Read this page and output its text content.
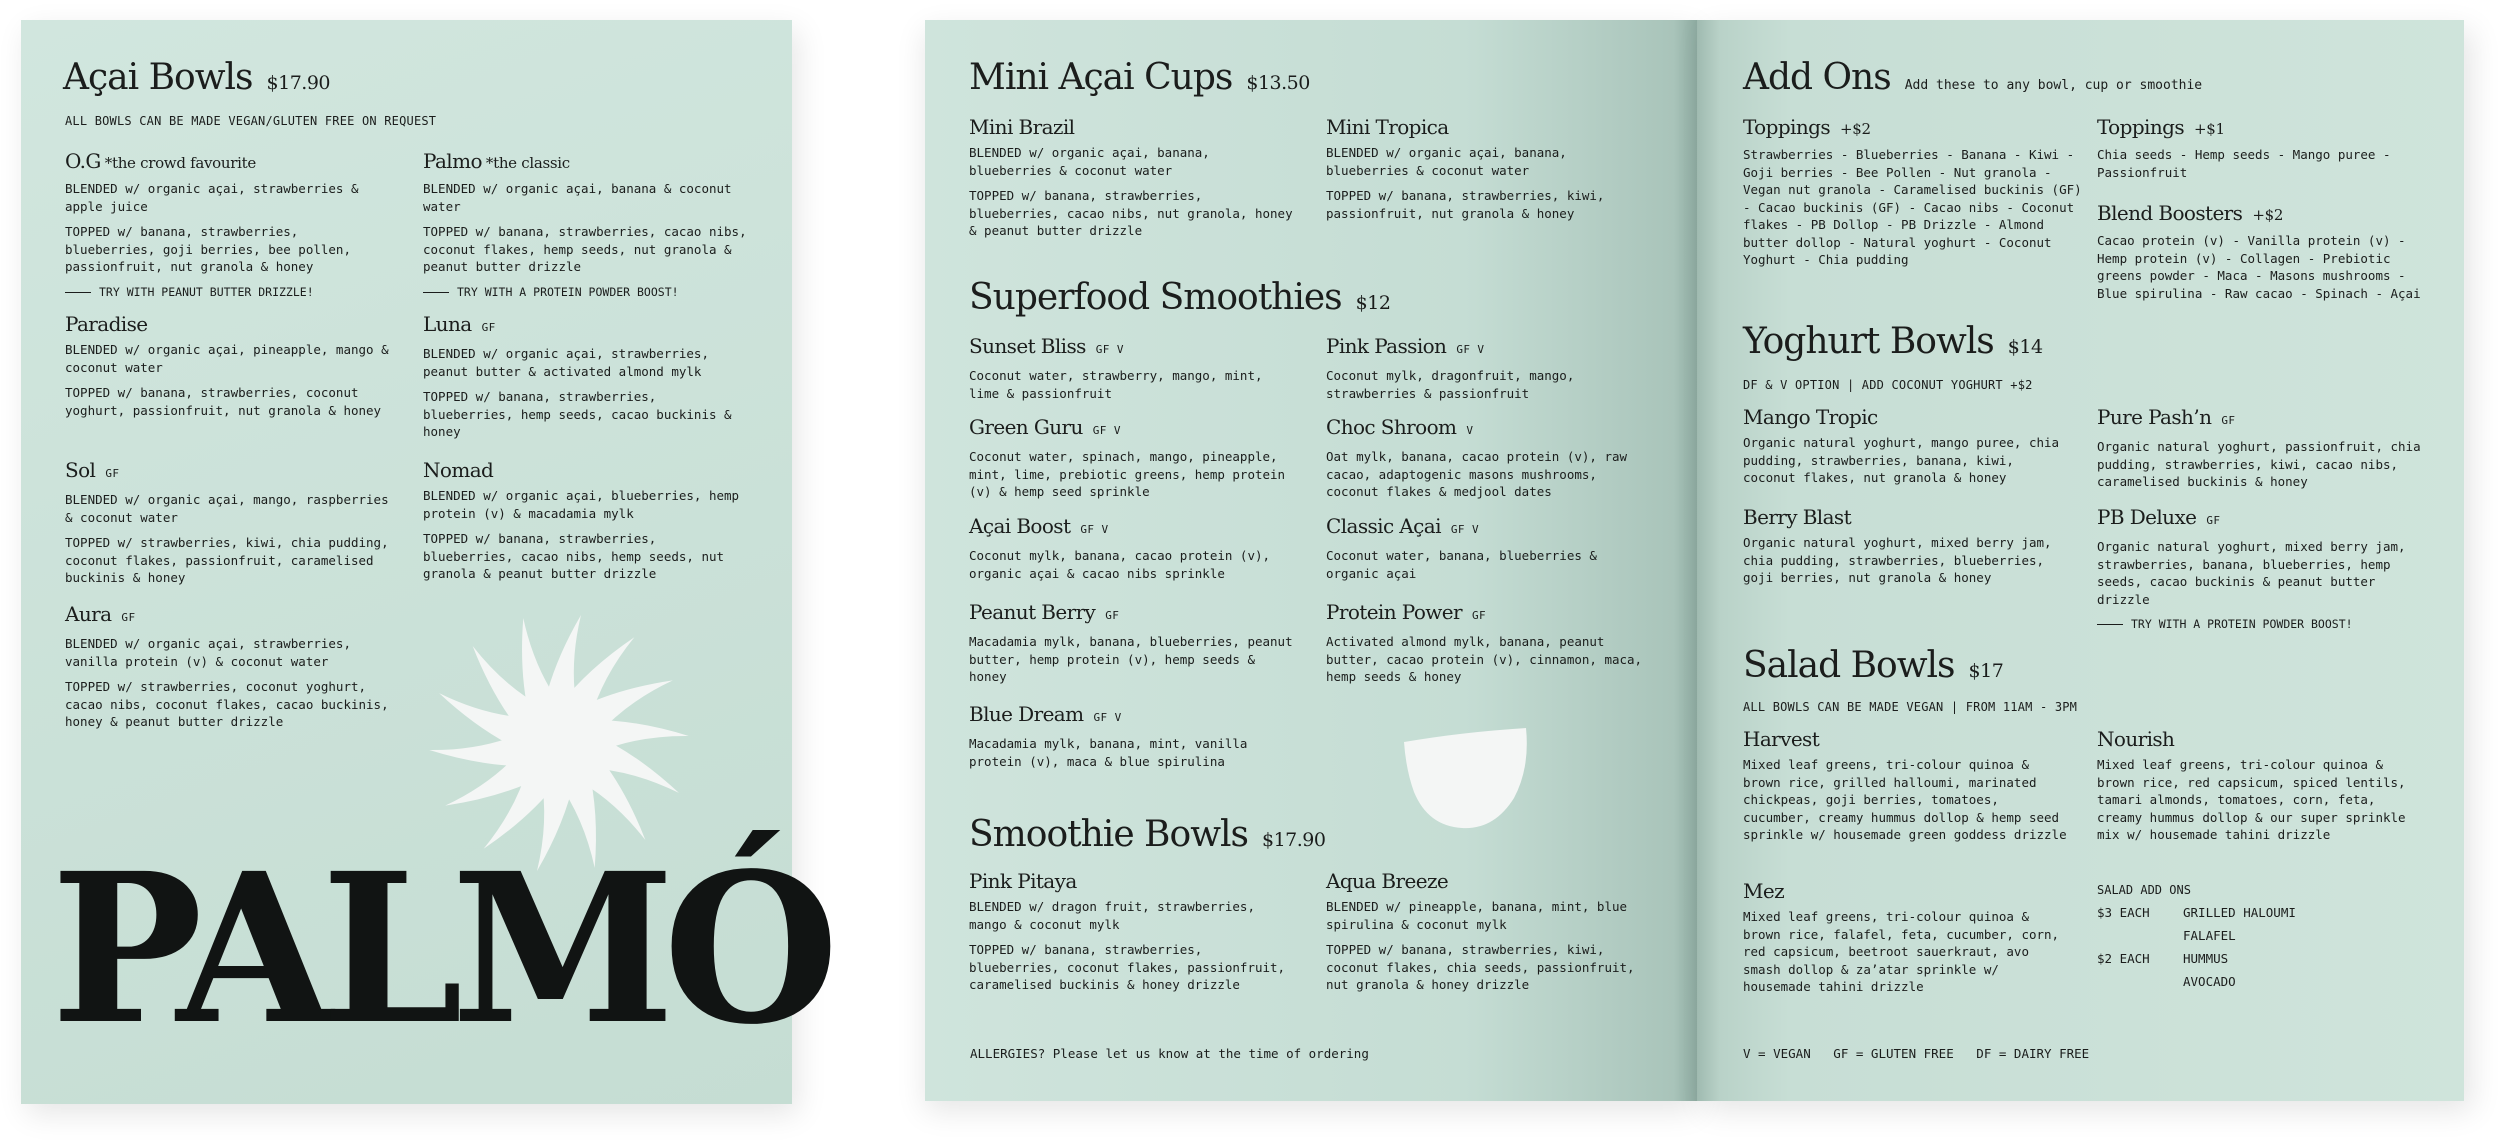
Açai Bowls $17.90
ALL BOWLS CAN BE MADE VEGAN/GLUTEN FREE ON REQUEST
O.G *the crowd favourite
BLENDED w/ organic açai, strawberries & apple juice
TOPPED w/ banana, strawberries, blueberries, goji berries, bee pollen, passionfruit, nut granola & honey
TRY WITH PEANUT BUTTER DRIZZLE!
Palmo *the classic
BLENDED w/ organic açai, banana & coconut water
TOPPED w/ banana, strawberries, cacao nibs, coconut flakes, hemp seeds, nut granola & peanut butter drizzle
TRY WITH A PROTEIN POWDER BOOST!
Paradise
BLENDED w/ organic açai, pineapple, mango & coconut water
TOPPED w/ banana, strawberries, coconut yoghurt, passionfruit, nut granola & honey
Luna GF
BLENDED w/ organic açai, strawberries, peanut butter & activated almond mylk
TOPPED w/ banana, strawberries, blueberries, hemp seeds, cacao buckinis & honey
Sol GF
BLENDED w/ organic açai, mango, raspberries & coconut water
TOPPED w/ strawberries, kiwi, chia pudding, coconut flakes, passionfruit, caramelised buckinis & honey
Nomad
BLENDED w/ organic açai, blueberries, hemp protein (v) & macadamia mylk
TOPPED w/ banana, strawberries, blueberries, cacao nibs, hemp seeds, nut granola & peanut butter drizzle
Aura GF
BLENDED w/ organic açai, strawberries, vanilla protein (v) & coconut water
TOPPED w/ strawberries, coconut yoghurt, cacao nibs, coconut flakes, cacao buckinis, honey & peanut butter drizzle
PALMÓ
Mini Açai Cups $13.50
Mini Brazil
BLENDED w/ organic açai, banana, blueberries & coconut water
TOPPED w/ banana, strawberries, blueberries, cacao nibs, nut granola, honey & peanut butter drizzle
Mini Tropica
BLENDED w/ organic açai, banana, blueberries & coconut water
TOPPED w/ banana, strawberries, kiwi, passionfruit, nut granola & honey
Superfood Smoothies $12
Sunset Bliss GF V
Coconut water, strawberry, mango, mint, lime & passionfruit
Pink Passion GF V
Coconut mylk, dragonfruit, mango, strawberries & passionfruit
Green Guru GF V
Coconut water, spinach, mango, pineapple, mint, lime, prebiotic greens, hemp protein (v) & hemp seed sprinkle
Choc Shroom V
Oat mylk, banana, cacao protein (v), raw cacao, adaptogenic masons mushrooms, coconut flakes & medjool dates
Açai Boost GF V
Coconut mylk, banana, cacao protein (v), organic açai & cacao nibs sprinkle
Classic Açai GF V
Coconut water, banana, blueberries & organic açai
Peanut Berry GF
Macadamia mylk, banana, blueberries, peanut butter, hemp protein (v), hemp seeds & honey
Protein Power GF
Activated almond mylk, banana, peanut butter, cacao protein (v), cinnamon, maca, hemp seeds & honey
Blue Dream GF V
Macadamia mylk, banana, mint, vanilla protein (v), maca & blue spirulina
Smoothie Bowls $17.90
Pink Pitaya
BLENDED w/ dragon fruit, strawberries, mango & coconut mylk
TOPPED w/ banana, strawberries, blueberries, coconut flakes, passionfruit, caramelised buckinis & honey drizzle
Aqua Breeze
BLENDED w/ pineapple, banana, mint, blue spirulina & coconut mylk
TOPPED w/ banana, strawberries, kiwi, coconut flakes, chia seeds, passionfruit, nut granola & honey drizzle
ALLERGIES? Please let us know at the time of ordering
Add Ons Add these to any bowl, cup or smoothie
Toppings +$2
Strawberries - Blueberries - Banana - Kiwi - Goji berries - Bee Pollen - Nut granola - Vegan nut granola - Caramelised buckinis (GF) - Cacao buckinis (GF) - Cacao nibs - Coconut flakes - PB Dollop - PB Drizzle - Almond butter dollop - Natural yoghurt - Coconut Yoghurt - Chia pudding
Toppings +$1
Chia seeds - Hemp seeds - Mango puree - Passionfruit
Blend Boosters +$2
Cacao protein (v) - Vanilla protein (v) - Hemp protein (v) - Collagen - Prebiotic greens powder - Maca - Masons mushrooms - Blue spirulina - Raw cacao - Spinach - Açai
Yoghurt Bowls $14
DF & V OPTION | ADD COCONUT YOGHURT +$2
Mango Tropic
Organic natural yoghurt, mango puree, chia pudding, strawberries, banana, kiwi, coconut flakes, nut granola & honey
Pure Pash’n GF
Organic natural yoghurt, passionfruit, chia pudding, strawberries, kiwi, cacao nibs, caramelised buckinis & honey
Berry Blast
Organic natural yoghurt, mixed berry jam, chia pudding, strawberries, blueberries, goji berries, nut granola & honey
PB Deluxe GF
Organic natural yoghurt, mixed berry jam, strawberries, banana, blueberries, hemp seeds, cacao buckinis & peanut butter drizzle
TRY WITH A PROTEIN POWDER BOOST!
Salad Bowls $17
ALL BOWLS CAN BE MADE VEGAN | FROM 11AM - 3PM
Harvest
Mixed leaf greens, tri-colour quinoa & brown rice, grilled halloumi, marinated chickpeas, goji berries, tomatoes, cucumber, creamy hummus dollop & hemp seed sprinkle w/ housemade green goddess drizzle
Nourish
Mixed leaf greens, tri-colour quinoa & brown rice, red capsicum, spiced lentils, tamari almonds, tomatoes, corn, feta, creamy hummus dollop & our super sprinkle mix w/ housemade tahini drizzle
Mez
Mixed leaf greens, tri-colour quinoa & brown rice, falafel, feta, cucumber, corn, red capsicum, beetroot sauerkraut, avo smash dollop & za’atar sprinkle w/ housemade tahini drizzle
SALAD ADD ONS
$3 EACH	GRILLED HALOUMI
	FALAFEL
$2 EACH	HUMMUS
	AVOCADO
V = VEGAN   GF = GLUTEN FREE   DF = DAIRY FREE
